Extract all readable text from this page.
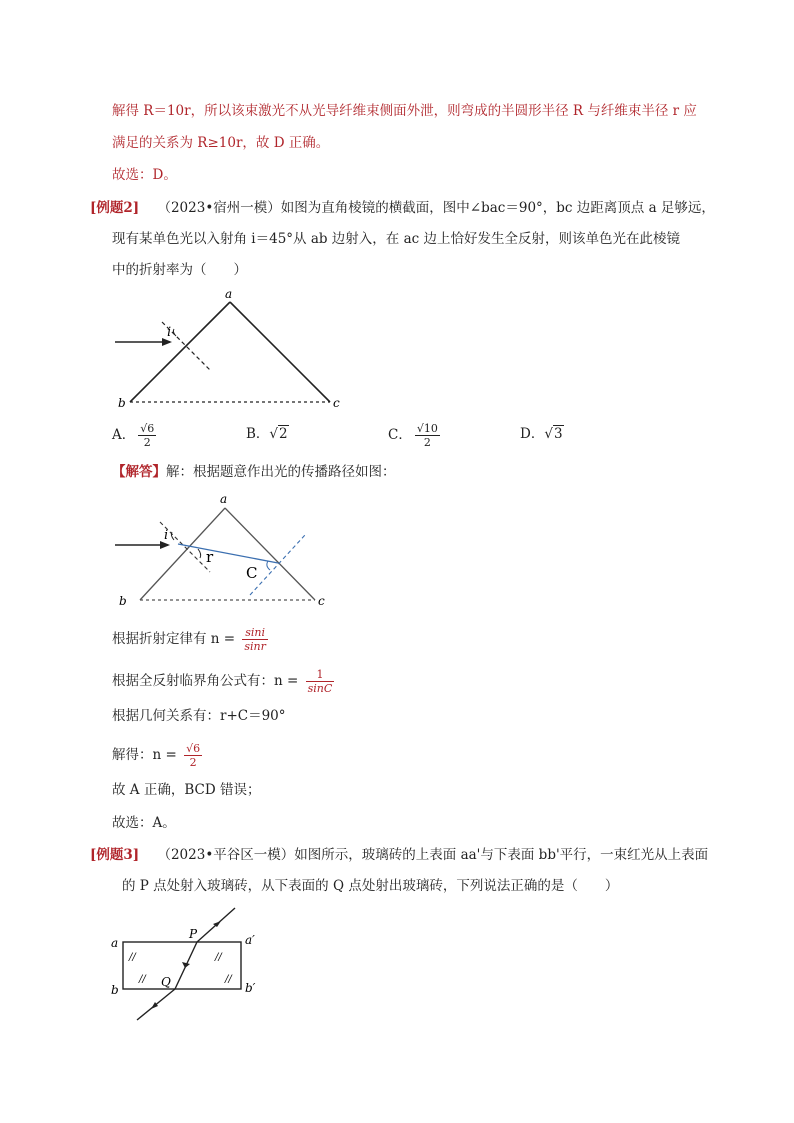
解得 R＝10r，所以该束激光不从光导纤维束侧面外泄，则弯成的半圆形半径 R 与纤维束半径 r 应
满足的关系为 R≥10r，故 D 正确。
故选：D。
[例题2] （2023•宿州一模）如图为直角棱镜的横截面，图中∠bac＝90°，bc 边距离顶点 a 足够远，
现有某单色光以入射角 i＝45°从 ab 边射入，在 ac 边上恰好发生全反射，则该单色光在此棱镜
中的折射率为（　　）
a
b	c
i
A． $\frac{√6}{2}$	B．√2	C． $\frac{√10}{2}$	D．√3
【解答】解：根据题意作出光的传播路径如图：
a
b	c
i
r
C
根据折射定律有 $n = \frac{\sin i}{\sin r}$
根据全反射临界角公式有：$n = \frac{1}{\sin C}$
根据几何关系有：r+C＝90°
解得：$n = \frac{√6}{2}$
故 A 正确，BCD 错误；
故选：A。
[例题3] （2023•平谷区一模）如图所示，玻璃砖的上表面 aa'与下表面 bb'平行，一束红光从上表面
的 P 点处射入玻璃砖，从下表面的 Q 点处射出玻璃砖，下列说法正确的是（　　）
a	a′
b	b′
P
Q
//	//
//	//
